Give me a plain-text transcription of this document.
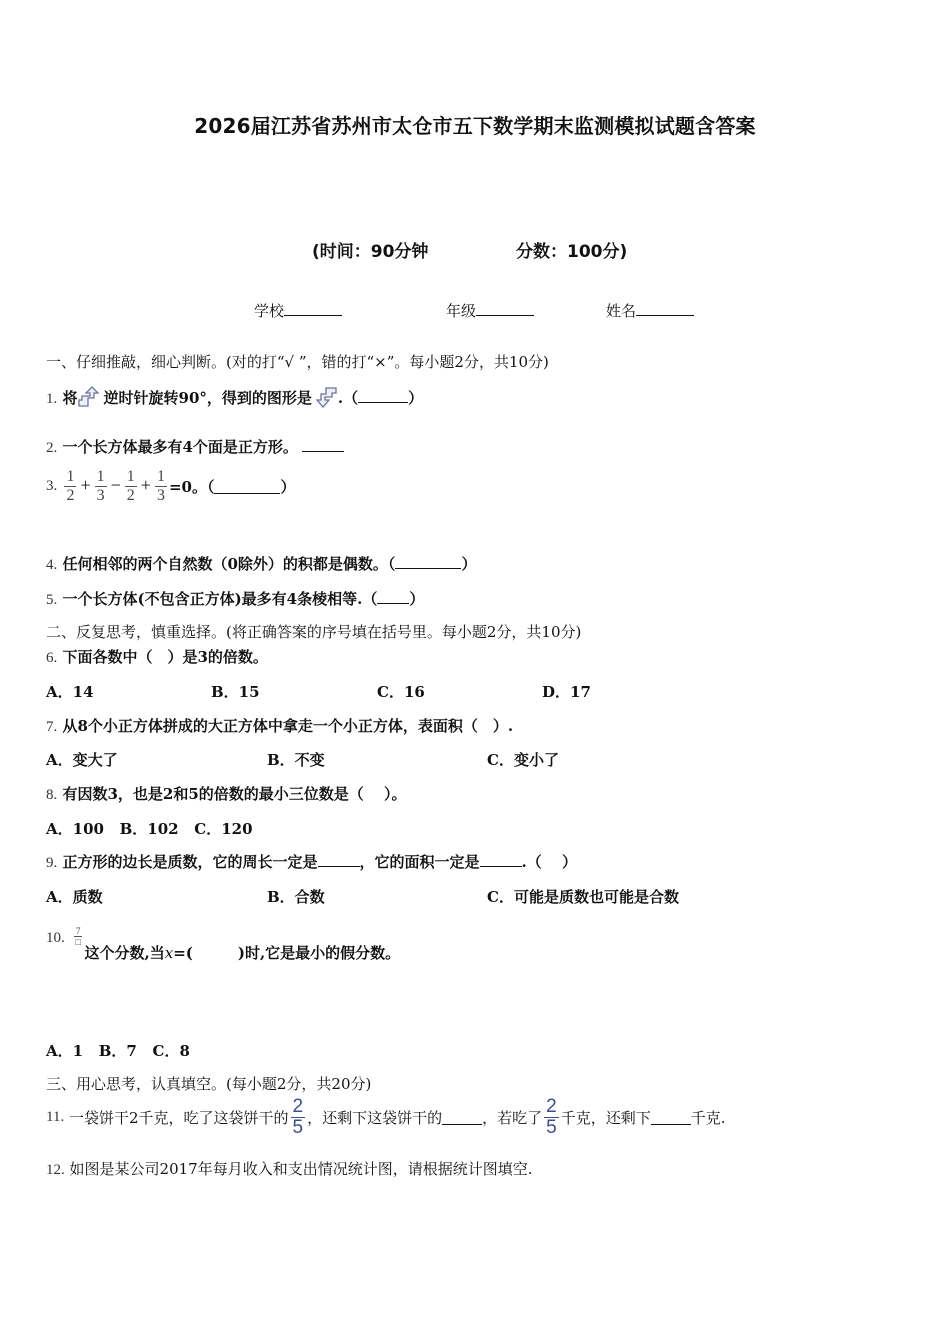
2026届江苏省苏州市太仓市五下数学期末监测模拟试题含答案
(时间：90分钟	分数：100分)
学校	年级	姓名
一、仔细推敲，细心判断。(对的打“√ ”，错的打“×”。每小题2分，共10分)
1. 将 逆时针旋转90°，得到的图形是 .（	）
2. 一个长方体最多有4个面是正方形。
3. $\frac{1}{2} + \frac{1}{3} - \frac{1}{2} + \frac{1}{3} =0$。（	）
4. 任何相邻的两个自然数（0除外）的积都是偶数。（	）
5. 一个长方体(不包含正方体)最多有4条棱相等.（ ）
二、反复思考，慎重选择。(将正确答案的序号填在括号里。每小题2分，共10分)
6. 下面各数中（　）是3的倍数。
A．14	B．15	C．16	D．17
7. 从8个小正方体拼成的大正方体中拿走一个小正方体，表面积（　）.
A．变大了	B．不变	C．变小了
8. 有因数3，也是2和5的倍数的最小三位数是（　 ）。
A．100 B．102 C．120
9. 正方形的边长是质数，它的周长一定是	，它的面积一定是	.（　 ）
A．质数	B．合数	C．可能是质数也可能是合数
10. $\frac{7}{□}$
这个分数,当x=(　　　)时,它是最小的假分数。
A．1 B．7 C．8
三、用心思考，认真填空。(每小题2分，共20分)
11. 一袋饼干2千克，吃了这袋饼干的 $\frac{2}{5}$ ，还剩下这袋饼干的	，若吃了 $\frac{2}{5}$ 千克，还剩下	千克.
12. 如图是某公司2017年每月收入和支出情况统计图，请根据统计图填空.
